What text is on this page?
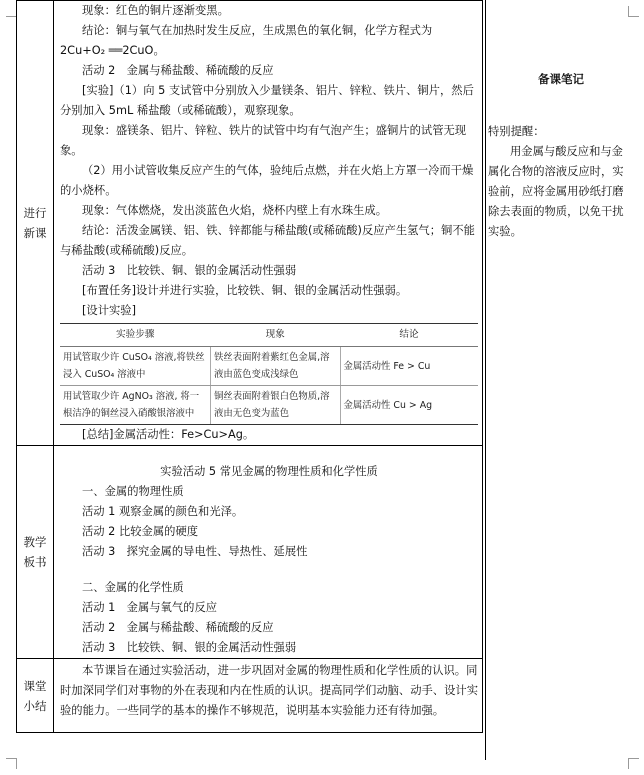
进行
新课	

现象：红色的铜片逐渐变黑。

结论：铜与氧气在加热时发生反应，生成黑色的氧化铜，化学方程式为

2Cu+O₂ ══2CuO。

活动 2　金属与稀盐酸、稀硫酸的反应

[实验]（1）向 5 支试管中分别放入少量镁条、铝片、锌粒、铁片、铜片，然后分别加入 5mL 稀盐酸（或稀硫酸），观察现象。

现象：盛镁条、铝片、锌粒、铁片的试管中均有气泡产生；盛铜片的试管无现象。

（2）用小试管收集反应产生的气体，验纯后点燃，并在火焰上方罩一冷而干燥的小烧杯。

现象：气体燃烧，发出淡蓝色火焰，烧杯内壁上有水珠生成。

结论：活泼金属镁、铝、铁、锌都能与稀盐酸(或稀硫酸)反应产生氢气；铜不能与稀盐酸(或稀硫酸)反应。

活动 3　比较铁、铜、银的金属活动性强弱

[布置任务]设计并进行实验，比较铁、铜、银的金属活动性强弱。

[设计实验]

实验步骤	现象	结论
用试管取少许 CuSO₄ 溶液,将铁丝浸入 CuSO₄ 溶液中	铁丝表面附着紫红色金属,溶液由蓝色变成浅绿色	金属活动性 Fe > Cu
用试管取少许 AgNO₃ 溶液, 将一根洁净的铜丝浸入硝酸银溶液中	铜丝表面附着银白色物质,溶液由无色变为蓝色	金属活动性 Cu > Ag

[总结]金属活动性：Fe>Cu>Ag。

教学
板书	

实验活动 5 常见金属的物理性质和化学性质

一、金属的物理性质

活动 1 观察金属的颜色和光泽。

活动 2 比较金属的硬度

活动 3　探究金属的导电性、导热性、延展性

二、金属的化学性质

活动 1　金属与氧气的反应

活动 2　金属与稀盐酸、稀硫酸的反应

活动 3　比较铁、铜、银的金属活动性强弱

课堂
小结	

本节课旨在通过实验活动，进一步巩固对金属的物理性质和化学性质的认识。同时加深同学们对事物的外在表现和内在性质的认识。提高同学们动脑、动手、设计实验的能力。一些同学的基本的操作不够规范，说明基本实验能力还有待加强。

备课笔记

特别提醒：

用金属与酸反应和与金属化合物的溶液反应时，实验前，应将金属用砂纸打磨除去表面的物质，以免干扰实验。
